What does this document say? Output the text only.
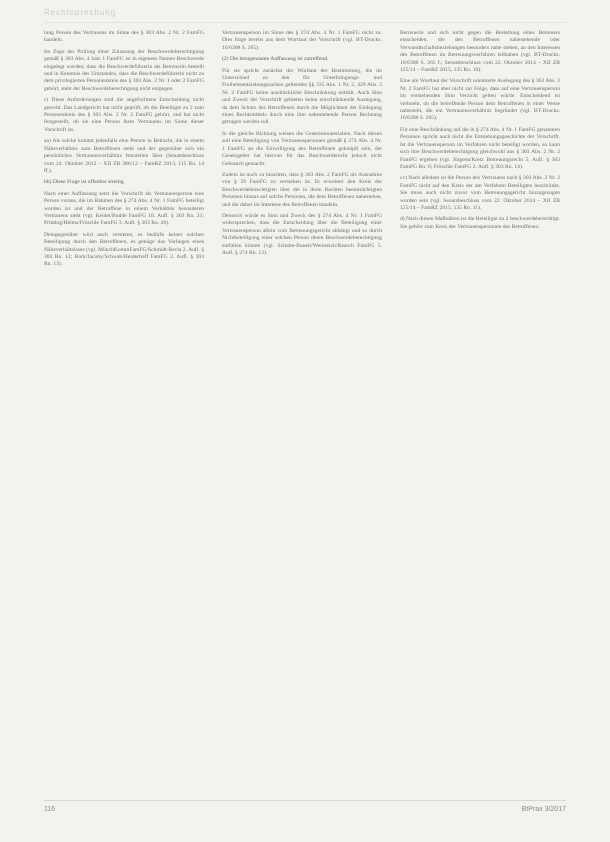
Rechtsprechung

lung Person des Vertrauens im Sinne des § 303 Abs. 2 Nr. 2 FamFG handeln.

Im Zuge der Prüfung einer Zulassung der Beschwerdeberechtigung gemäß § 303 Abs. 4 Satz 1 FamFG ist in eigenem Namen Beschwerde eingelegt worden; dass die Beschwerdeführerin als Betreuerin bestellt und in Kenntnis des Umstandes, dass die Beschwerdeführerin nicht zu dem privilegierten Personenkreis des § 303 Abs. 2 Nr. 1 oder 2 FamFG gehört, steht der Beschwerdeberechtigung nicht entgegen.

c) Diese Anforderungen sind die angefochtene Entscheidung nicht gerecht. Das Landgericht hat nicht geprüft, ob die Beteiligte zu 2 zum Personenkreis des § 303 Abs. 2 Nr. 2 FamFG gehört, und hat nicht festgestellt, ob sie eine Person ihres Vertrauens im Sinne dieser Vorschrift ist.

aa) Als solche kommt jedenfalls eine Person in Betracht, die in einem Näheverhältnis zum Betroffenen steht und der gegenüber sich ein persönliches Vertrauensverhältnis feststellen lässt (Senatsbeschluss vom 24. Oktober 2012 – XII ZB 386/12 – FamRZ 2013, 115 Rn. 14 ff.).

bb) Diese Frage ist offenbar streitig.

Nach einer Auffassung setzt die Vorschrift als Vertrauensperson eine Person voraus, die im Rahmen des § 274 Abs. 4 Nr. 1 FamFG beteiligt worden ist und der Betroffene in einem Verhältnis besonderen Vertrauens steht (vgl. Keidel/Budde FamFG 18. Aufl. § 303 Rn. 21; Prütting/Helms/Fröschle FamFG 3. Aufl. § 303 Rn. 28).

Demgegenüber wird auch vertreten, es bedürfe keiner solchen Beteiligung durch den Betroffenen, es genüge das Vorliegen eines Näheverhältnisses (vgl. MünchKommFamFG/Schmidt-Recla 2. Aufl. § 303 Rn. 12; Bork/Jacoby/Schwab/Heiderhoff FamFG 2. Aufl. § 303 Rn. 13).

Vertrauensperson im Sinne des § 274 Abs. 4 Nr. 1 FamFG nicht zu. Dies folge bereits aus dem Wortlaut der Vorschrift (vgl. BT-Drucks. 16/6308 S. 265).

(2) Die letztgenannte Auffassung ist zutreffend.

Für sie spricht zunächst der Wortlaut der Bestimmung, die im Unterschied zu den für Unterbringungs- und Freiheitsentziehungssachen geltenden §§ 335 Abs. 1 Nr. 2, 429 Abs. 2 Nr. 2 FamFG keine ausdrückliche Beschränkung enthält. Auch Sinn und Zweck der Vorschrift gebieten keine einschränkende Auslegung, da dem Schutz des Betroffenen durch die Möglichkeit der Einlegung eines Rechtsmittels durch eine ihm nahestehende Person Rechnung getragen werden soll.

In die gleiche Richtung weisen die Gesetzesmaterialien. Nach diesen soll eine Beteiligung von Vertrauenspersonen gemäß § 274 Abs. 4 Nr. 1 FamFG an die Einwilligung des Betroffenen geknüpft sein, der Gesetzgeber hat hiervon für das Beschwerderecht jedoch nicht Gebrauch gemacht.

Zudem ist auch zu beachten, dass § 303 Abs. 2 FamFG als Ausnahme von § 59 FamFG zu verstehen ist. Er erweitert den Kreis der Beschwerdeberechtigten über die in ihren Rechten beeinträchtigten Personen hinaus auf solche Personen, die dem Betroffenen nahestehen, und die daher im Interesse des Betroffenen handeln.

Dennoch würde es Sinn und Zweck des § 274 Abs. 4 Nr. 1 FamFG widersprechen, dass die Entscheidung über die Beteiligung einer Vertrauensperson allein vom Betreuungsgericht abhängt und so durch Nichtbeteiligung einer solchen Person deren Beschwerdeberechtigung entfallen könnte (vgl. Schulte-Bunert/Weinreich/Rausch FamFG 5. Aufl. § 274 Rn. 13).

Betreuerin und sich nicht gegen die Bestellung eines Betreuers entscheiden, die den Betroffenen nahestehende oder Verwandtschaftsbeziehungen besonders nahe stehen, an den Interessen des Betroffenen im Betreuungsverfahren teilhaben (vgl. BT-Drucks. 16/6308 S. 265 f.; Senatsbeschluss vom 22. Oktober 2014 – XII ZB 125/14 – FamRZ 2015, 135 Rn. 10).

Eine am Wortlaut der Vorschrift orientierte Auslegung des § 303 Abs. 2 Nr. 2 FamFG hat aber nicht zur Folge, dass auf eine Vertrauensperson im vorstehenden Sinn Verzicht gelten würde. Entscheidend ist vielmehr, ob die betreffende Person dem Betroffenen in einer Weise nahesteht, die ein Vertrauensverhältnis begründet (vgl. BT-Drucks. 16/6308 S. 265).

Für eine Beschränkung auf die in § 274 Abs. 4 Nr. 1 FamFG genannten Personen spricht auch nicht die Entstehungsgeschichte der Vorschrift. Ist die Vertrauensperson im Verfahren nicht beteiligt worden, so kann sich ihre Beschwerdeberechtigung gleichwohl aus § 303 Abs. 2 Nr. 2 FamFG ergeben (vgl. Jürgens/Kretz Betreuungsrecht 5. Aufl. § 303 FamFG Rn. 6; Fröschle FamFG 2. Aufl. § 303 Rn. 14).

cc) Nach alledem ist die Person des Vertrauens nach § 303 Abs. 2 Nr. 2 FamFG nicht auf den Kreis der am Verfahren Beteiligten beschränkt. Sie muss auch nicht zuvor vom Betreuungsgericht hinzugezogen worden sein (vgl. Senatsbeschluss vom 22. Oktober 2014 – XII ZB 125/14 – FamRZ 2015, 135 Rn. 11).

d) Nach diesen Maßstäben ist die Beteiligte zu 2 beschwerdeberechtigt. Sie gehört zum Kreis der Vertrauenspersonen des Betroffenen.

116	BtPrax 3/2017
